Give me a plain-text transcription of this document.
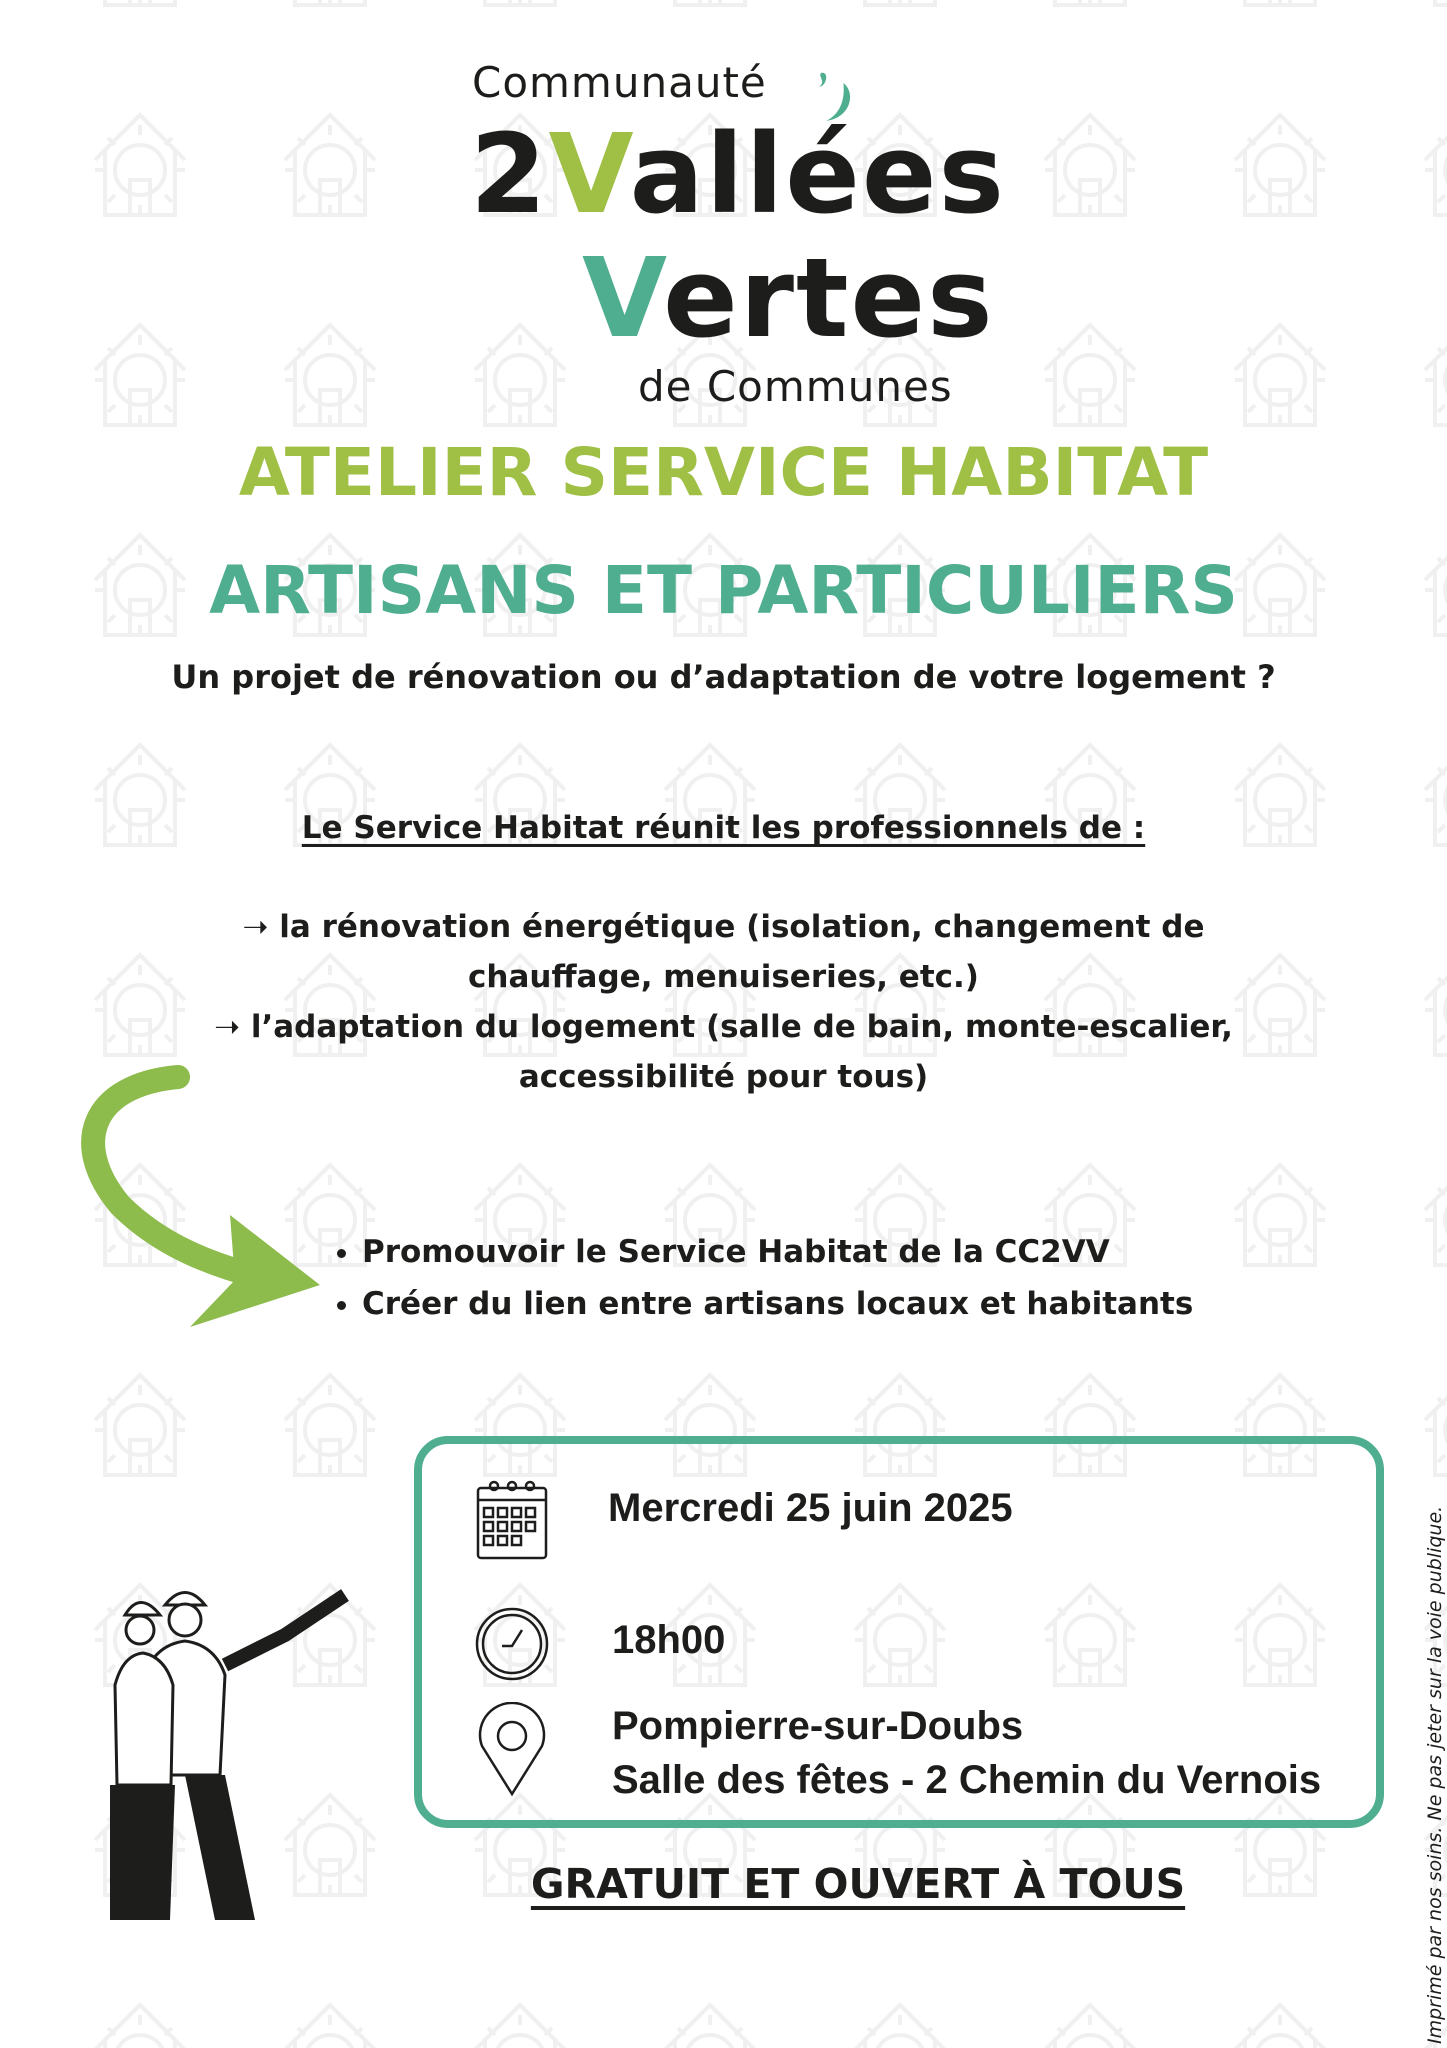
Communauté
2Vallées
Vertes
de Communes
ATELIER SERVICE HABITAT
ARTISANS ET PARTICULIERS
Un projet de rénovation ou d’adaptation de votre logement ?
Le Service Habitat réunit les professionnels de :
➝ la rénovation énergétique (isolation, changement de
chauffage, menuiseries, etc.)
➝ l’adaptation du logement (salle de bain, monte-escalier,
accessibilité pour tous)
• Promouvoir le Service Habitat de la CC2VV
• Créer du lien entre artisans locaux et habitants
Mercredi 25 juin 2025
18h00
Pompierre-sur-Doubs
Salle des fêtes - 2 Chemin du Vernois
GRATUIT ET OUVERT À TOUS	Imprimé par nos soins. Ne pas jeter sur la voie publique.
